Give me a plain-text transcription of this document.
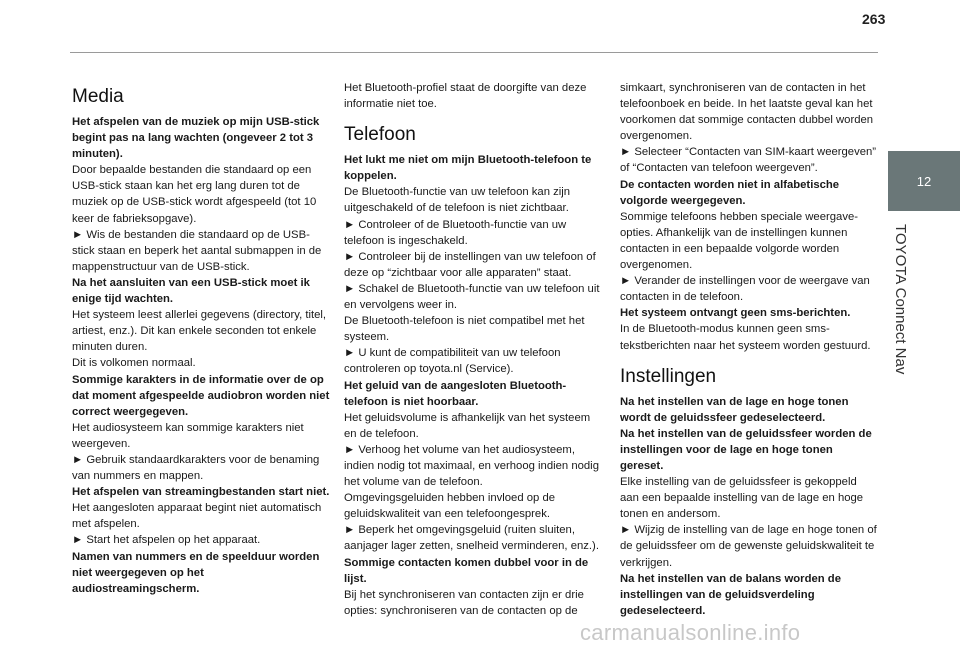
263
12
TOYOTA Connect Nav
Media

Het afspelen van de muziek op mijn USB-stick begint pas na lang wachten (ongeveer 2 tot 3 minuten).

Door bepaalde bestanden die standaard op een USB-stick staan kan het erg lang duren tot de muziek op de USB-stick wordt afgespeeld (tot 10 keer de fabrieksopgave).

► Wis de bestanden die standaard op de USB-stick staan en beperk het aantal submappen in de mappenstructuur van de USB-stick.

Na het aansluiten van een USB-stick moet ik enige tijd wachten.

Het systeem leest allerlei gegevens (directory, titel, artiest, enz.). Dit kan enkele seconden tot enkele minuten duren.

Dit is volkomen normaal.

Sommige karakters in de informatie over de op dat moment afgespeelde audiobron worden niet correct weergegeven.

Het audiosysteem kan sommige karakters niet weergeven.

► Gebruik standaardkarakters voor de benaming van nummers en mappen.

Het afspelen van streamingbestanden start niet.

Het aangesloten apparaat begint niet automatisch met afspelen.

► Start het afspelen op het apparaat.

Namen van nummers en de speelduur worden niet weergegeven op het audiostreamingscherm.

Het Bluetooth-profiel staat de doorgifte van deze informatie niet toe.

Telefoon

Het lukt me niet om mijn Bluetooth-telefoon te koppelen.

De Bluetooth-functie van uw telefoon kan zijn uitgeschakeld of de telefoon is niet zichtbaar.

► Controleer of de Bluetooth-functie van uw telefoon is ingeschakeld.

► Controleer bij de instellingen van uw telefoon of deze op “zichtbaar voor alle apparaten” staat.

► Schakel de Bluetooth-functie van uw telefoon uit en vervolgens weer in.

De Bluetooth-telefoon is niet compatibel met het systeem.

► U kunt de compatibiliteit van uw telefoon controleren op toyota.nl (Service).

Het geluid van de aangesloten Bluetooth-telefoon is niet hoorbaar.

Het geluidsvolume is afhankelijk van het systeem en de telefoon.

► Verhoog het volume van het audiosysteem, indien nodig tot maximaal, en verhoog indien nodig het volume van de telefoon.

Omgevingsgeluiden hebben invloed op de geluidskwaliteit van een telefoongesprek.

► Beperk het omgevingsgeluid (ruiten sluiten, aanjager lager zetten, snelheid verminderen, enz.).

Sommige contacten komen dubbel voor in de lijst.

Bij het synchroniseren van contacten zijn er drie opties: synchroniseren van de contacten op de

simkaart, synchroniseren van de contacten in het telefoonboek en beide. In het laatste geval kan het voorkomen dat sommige contacten dubbel worden overgenomen.

► Selecteer “Contacten van SIM-kaart weergeven” of “Contacten van telefoon weergeven”.

De contacten worden niet in alfabetische volgorde weergegeven.

Sommige telefoons hebben speciale weergave-opties. Afhankelijk van de instellingen kunnen contacten in een bepaalde volgorde worden overgenomen.

► Verander de instellingen voor de weergave van contacten in de telefoon.

Het systeem ontvangt geen sms-berichten.

In de Bluetooth-modus kunnen geen sms-tekstberichten naar het systeem worden gestuurd.

Instellingen

Na het instellen van de lage en hoge tonen wordt de geluidssfeer gedeselecteerd.

Na het instellen van de geluidssfeer worden de instellingen voor de lage en hoge tonen gereset.

Elke instelling van de geluidssfeer is gekoppeld aan een bepaalde instelling van de lage en hoge tonen en andersom.

► Wijzig de instelling van de lage en hoge tonen of de geluidssfeer om de gewenste geluidskwaliteit te verkrijgen.

Na het instellen van de balans worden de instellingen van de geluidsverdeling gedeselecteerd.

carmanualsonline.info
